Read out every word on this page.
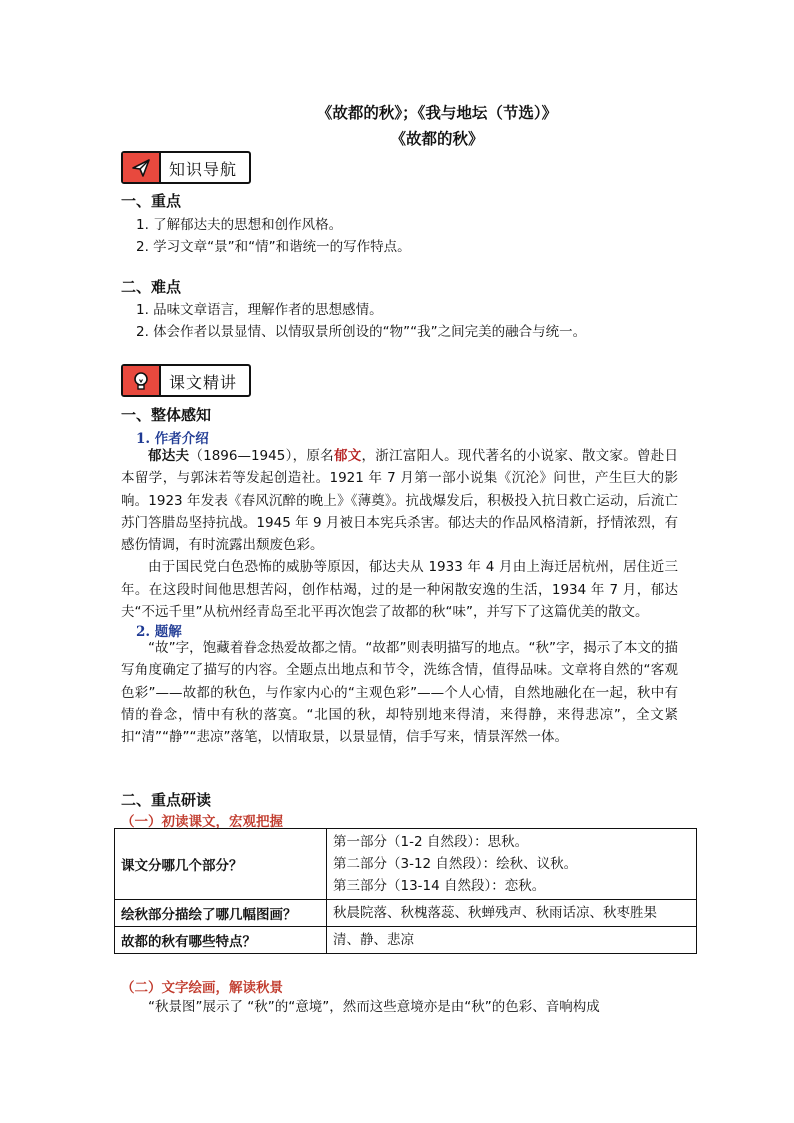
《故都的秋》；《我与地坛（节选）》
《故都的秋》
知识导航
一、重点
1. 了解郁达夫的思想和创作风格。
2. 学习文章“景”和“情”和谐统一的写作特点。
二、难点
1. 品味文章语言，理解作者的思想感情。
2. 体会作者以景显情、以情驭景所创设的“物”“我”之间完美的融合与统一。
课文精讲
一、整体感知
1. 作者介绍

郁达夫（1896—1945），原名郁文，浙江富阳人。现代著名的小说家、散文家。曾赴日本留学，与郭沫若等发起创造社。1921 年 7 月第一部小说集《沉沦》问世，产生巨大的影响。1923 年发表《春风沉醉的晚上》《薄奠》。抗战爆发后，积极投入抗日救亡运动，后流亡苏门答腊岛坚持抗战。1945 年 9 月被日本宪兵杀害。郁达夫的作品风格清新，抒情浓烈，有感伤情调，有时流露出颓废色彩。

由于国民党白色恐怖的威胁等原因，郁达夫从 1933 年 4 月由上海迁居杭州，居住近三年。在这段时间他思想苦闷，创作枯竭，过的是一种闲散安逸的生活，1934 年 7 月，郁达夫“不远千里”从杭州经青岛至北平再次饱尝了故都的秋“味”，并写下了这篇优美的散文。

2. 题解

“故”字，饱藏着眷念热爱故都之情。“故都”则表明描写的地点。“秋”字，揭示了本文的描写角度确定了描写的内容。全题点出地点和节令，洗练含情，值得品味。文章将自然的“客观色彩”——故都的秋色，与作家内心的“主观色彩”——个人心情，自然地融化在一起，秋中有情的眷念，情中有秋的落寞。“北国的秋，却特别地来得清，来得静，来得悲凉”，全文紧扣“清”“静”“悲凉”落笔，以情取景，以景显情，信手写来，情景浑然一体。

二、重点研读
（一）初读课文，宏观把握
课文分哪几个部分？	第一部分（1-2 自然段）：思秋。
第二部分（3-12 自然段）：绘秋、议秋。
第三部分（13-14 自然段）：恋秋。

绘秋部分描绘了哪几幅图画？	秋晨院落、秋槐落蕊、秋蝉残声、秋雨话凉、秋枣胜果

故都的秋有哪些特点？	清、静、悲凉
（二）文字绘画，解读秋景

“秋景图”展示了 “秋”的“意境”，然而这些意境亦是由“秋”的色彩、音响构成
